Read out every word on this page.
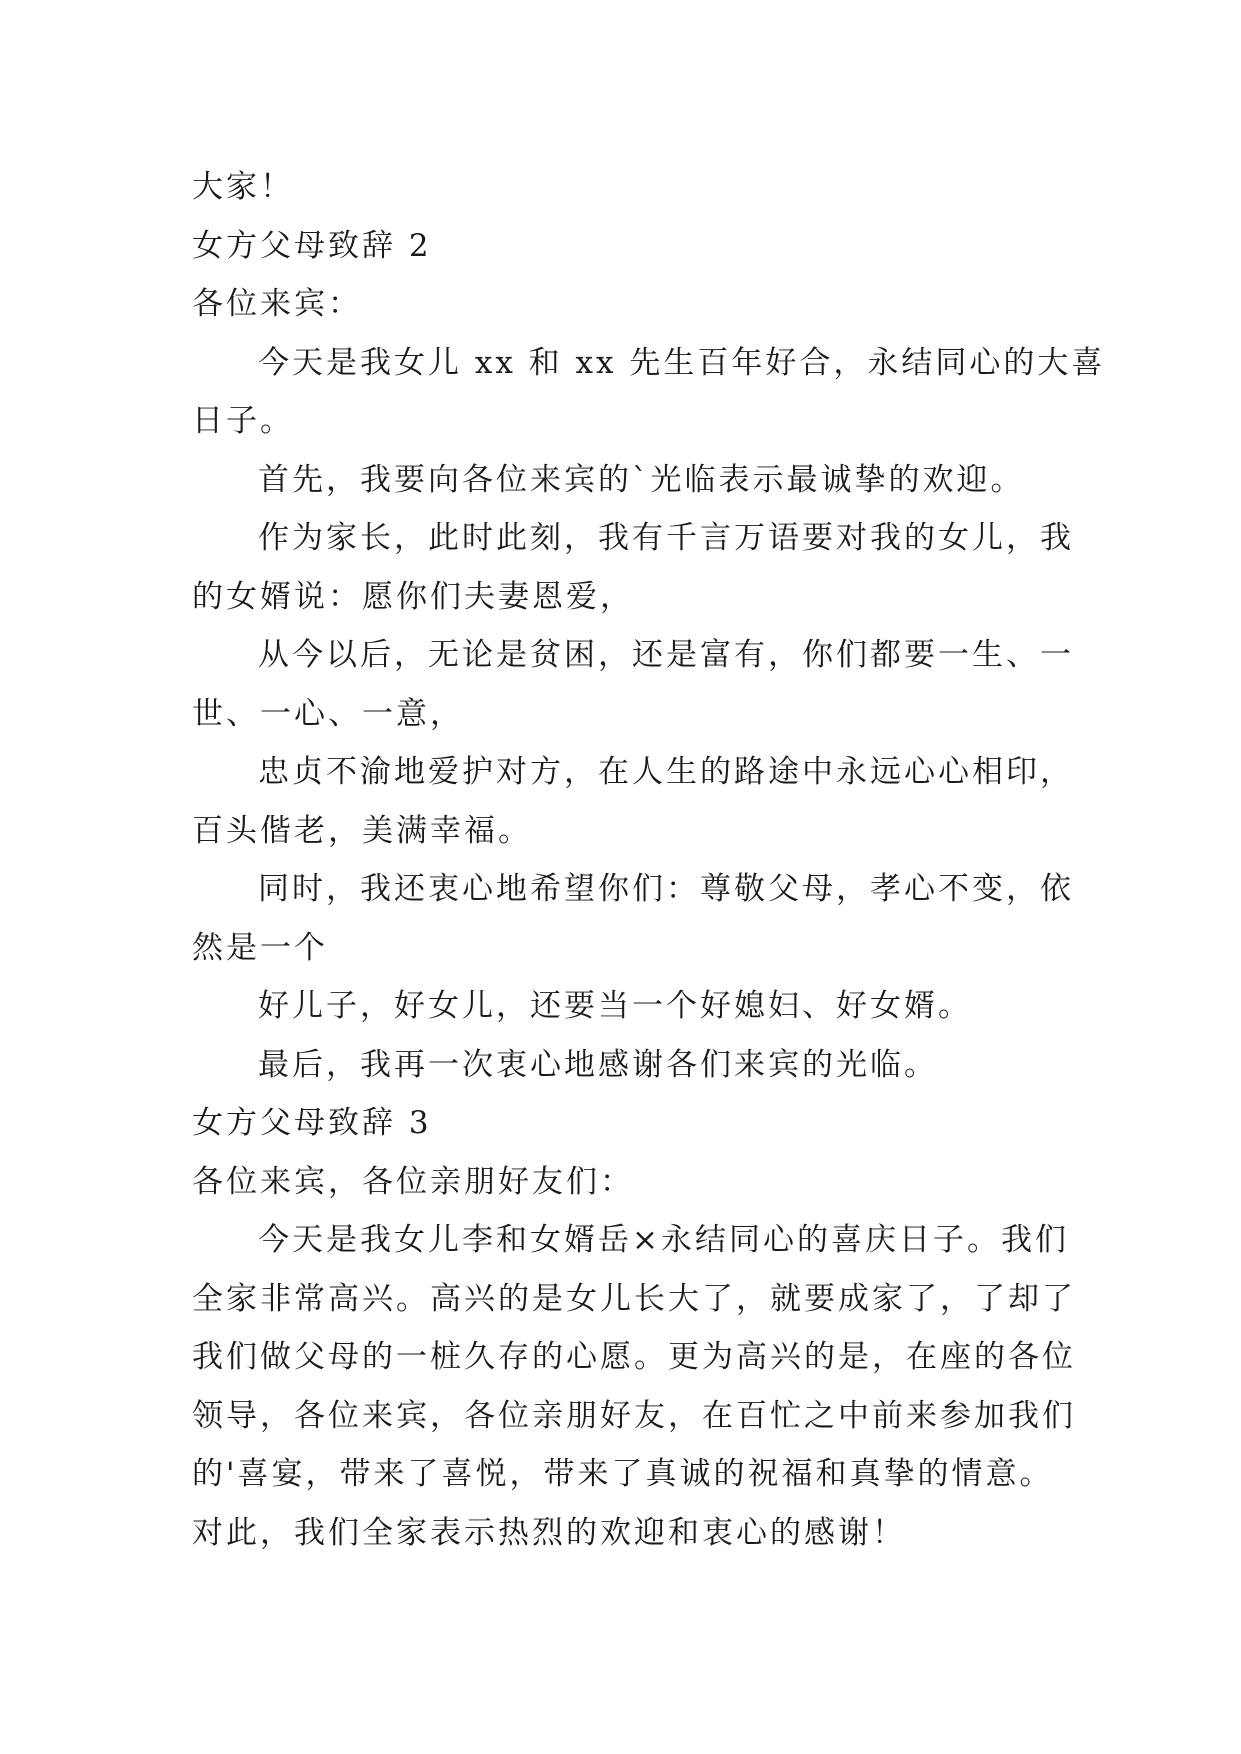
大家！
女方父母致辞 2
各位来宾：
今天是我女儿 xx 和 xx 先生百年好合，永结同心的大喜
日子。
首先，我要向各位来宾的`光临表示最诚挚的欢迎。
作为家长，此时此刻，我有千言万语要对我的女儿，我
的女婿说：愿你们夫妻恩爱，
从今以后，无论是贫困，还是富有，你们都要一生、一
世、一心、一意，
忠贞不渝地爱护对方，在人生的路途中永远心心相印，
百头偕老，美满幸福。
同时，我还衷心地希望你们：尊敬父母，孝心不变，依
然是一个
好儿子，好女儿，还要当一个好媳妇、好女婿。
最后，我再一次衷心地感谢各们来宾的光临。
女方父母致辞 3
各位来宾，各位亲朋好友们：
今天是我女儿李和女婿岳×永结同心的喜庆日子。我们
全家非常高兴。高兴的是女儿长大了，就要成家了，了却了
我们做父母的一桩久存的心愿。更为高兴的是，在座的各位
领导，各位来宾，各位亲朋好友，在百忙之中前来参加我们
的'喜宴，带来了喜悦，带来了真诚的祝福和真挚的情意。
对此，我们全家表示热烈的欢迎和衷心的感谢！
